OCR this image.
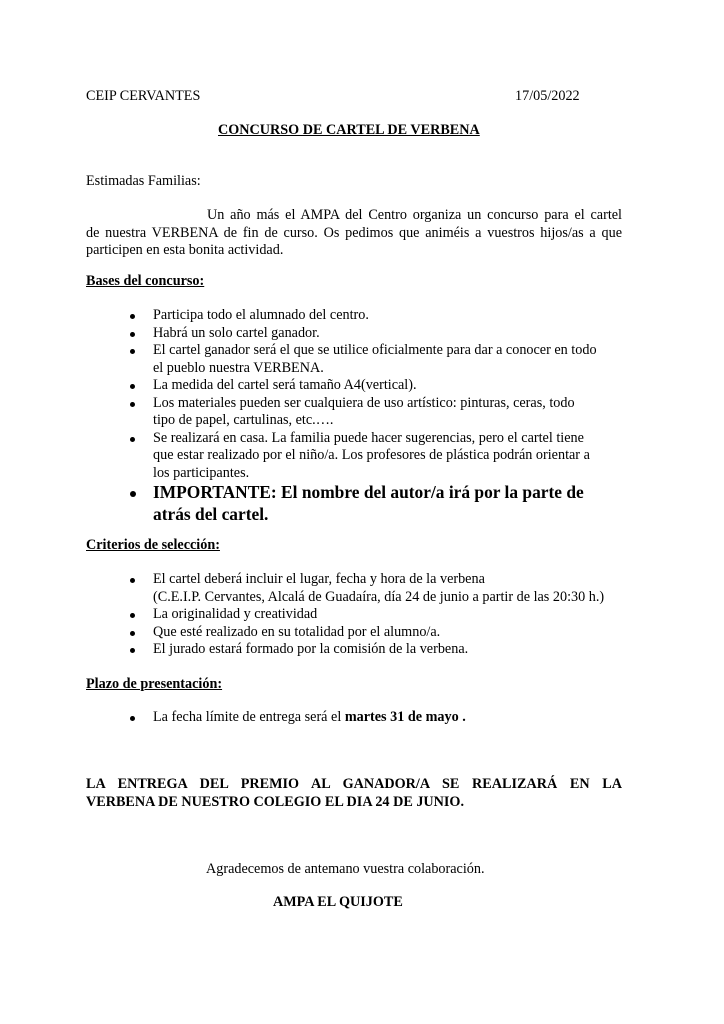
CEIP CERVANTES	17/05/2022

CONCURSO DE CARTEL DE VERBENA

Estimadas Familias:

Un año más el AMPA del Centro organiza un concurso para el cartel
de nuestra VERBENA de fin de curso. Os pedimos que animéis a vuestros hijos/as a que
participen en esta bonita actividad.

Bases del concurso:

Participa todo el alumnado del centro.
Habrá un solo cartel ganador.
El cartel ganador será el que se utilice oficialmente para dar a conocer en todo el pueblo nuestra VERBENA.
La medida del cartel será tamaño A4(vertical).
Los materiales pueden ser cualquiera de uso artístico: pinturas, ceras, todo tipo de papel, cartulinas, etc.….
Se realizará en casa. La familia puede hacer sugerencias, pero el cartel tiene que estar realizado por el niño/a. Los profesores de plástica podrán orientar a los participantes.
IMPORTANTE: El nombre del autor/a irá por la parte de atrás del cartel.

Criterios de selección:

El cartel deberá incluir el lugar, fecha y hora de la verbena
(C.E.I.P. Cervantes, Alcalá de Guadaíra, día 24 de junio a partir de las 20:30 h.)
La originalidad y creatividad
Que esté realizado en su totalidad por el alumno/a.
El jurado estará formado por la comisión de la verbena.

Plazo de presentación:

La fecha límite de entrega será el martes 31 de mayo .
LA ENTREGA DEL PREMIO AL GANADOR/A SE REALIZARÁ EN LA
VERBENA DE NUESTRO COLEGIO EL DIA 24 DE JUNIO.

Agradecemos de antemano vuestra colaboración.

AMPA EL QUIJOTE
